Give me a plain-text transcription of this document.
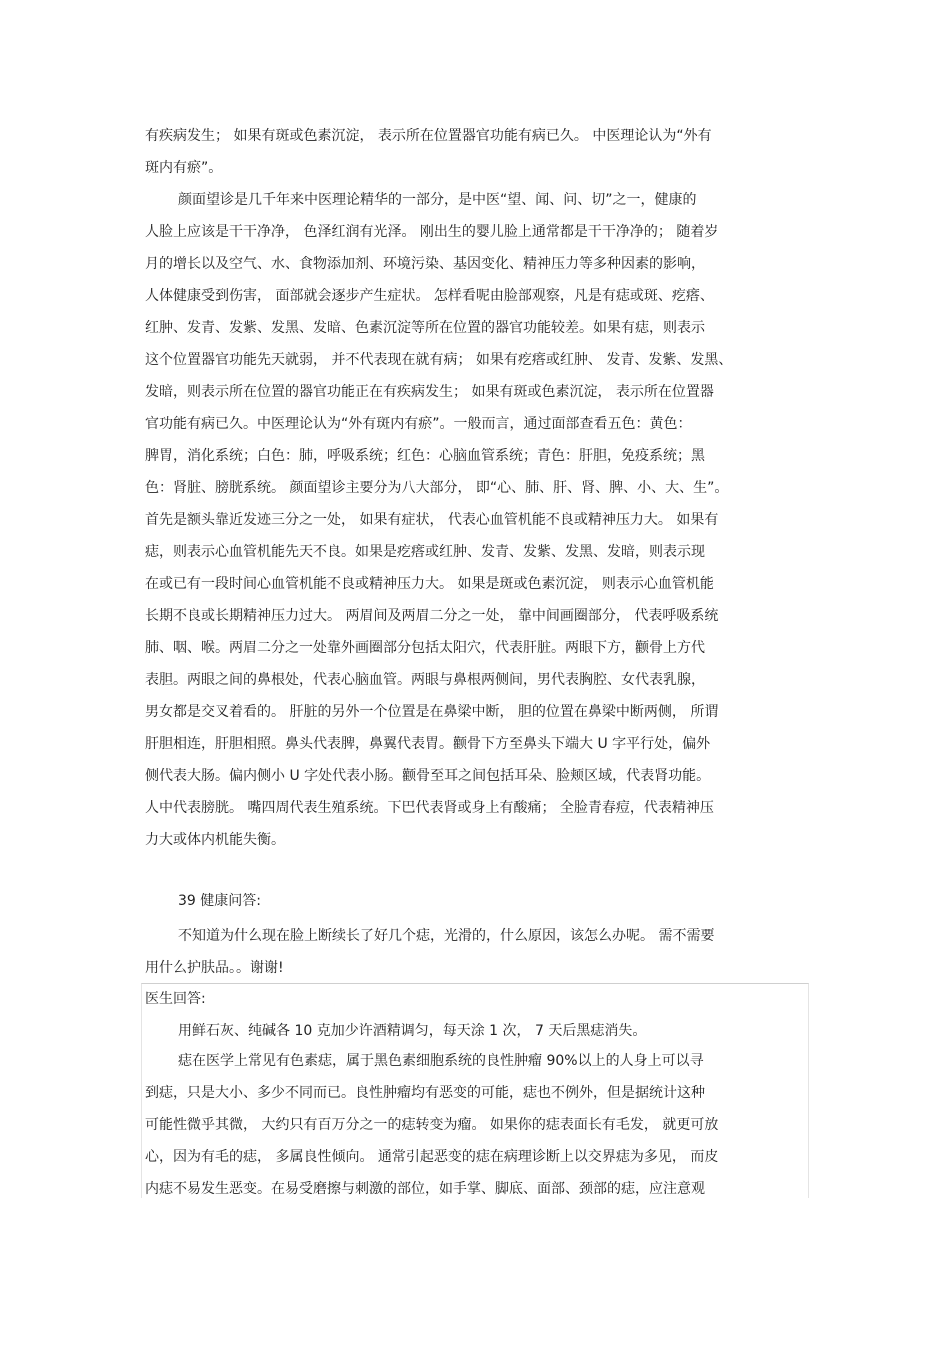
有疾病发生； 如果有斑或色素沉淀， 表示所在位置器官功能有病已久。 中医理论认为“外有
斑内有瘀”。
颜面望诊是几千年来中医理论精华的一部分，是中医“望、闻、问、切”之一，健康的
人脸上应该是干干净净， 色泽红润有光泽。 刚出生的婴儿脸上通常都是干干净净的； 随着岁
月的增长以及空气、水、食物添加剂、环境污染、基因变化、精神压力等多种因素的影响，
人体健康受到伤害， 面部就会逐步产生症状。 怎样看呢由脸部观察，凡是有痣或斑、疙瘩、
红肿、发青、发紫、发黑、发暗、色素沉淀等所在位置的器官功能较差。如果有痣，则表示
这个位置器官功能先天就弱， 并不代表现在就有病； 如果有疙瘩或红肿、 发青、发紫、发黑、
发暗，则表示所在位置的器官功能正在有疾病发生； 如果有斑或色素沉淀， 表示所在位置器
官功能有病已久。中医理论认为“外有斑内有瘀”。一般而言，通过面部查看五色：黄色：
脾胃，消化系统；白色：肺，呼吸系统；红色：心脑血管系统；青色：肝胆，免疫系统；黑
色：肾脏、膀胱系统。 颜面望诊主要分为八大部分， 即“心、肺、肝、肾、脾、小、大、生”。
首先是额头靠近发迹三分之一处， 如果有症状， 代表心血管机能不良或精神压力大。 如果有
痣，则表示心血管机能先天不良。如果是疙瘩或红肿、发青、发紫、发黑、发暗，则表示现
在或已有一段时间心血管机能不良或精神压力大。 如果是斑或色素沉淀， 则表示心血管机能
长期不良或长期精神压力过大。 两眉间及两眉二分之一处， 靠中间画圈部分， 代表呼吸系统
肺、咽、喉。两眉二分之一处靠外画圈部分包括太阳穴，代表肝脏。两眼下方，颧骨上方代
表胆。两眼之间的鼻根处，代表心脑血管。两眼与鼻根两侧间，男代表胸腔、女代表乳腺，
男女都是交叉着看的。 肝脏的另外一个位置是在鼻梁中断， 胆的位置在鼻梁中断两侧， 所谓
肝胆相连，肝胆相照。鼻头代表脾，鼻翼代表胃。颧骨下方至鼻头下端大 U 字平行处，偏外
侧代表大肠。偏内侧小 U 字处代表小肠。颧骨至耳之间包括耳朵、脸颊区域，代表肾功能。
人中代表膀胱。 嘴四周代表生殖系统。下巴代表肾或身上有酸痛； 全脸青春痘，代表精神压
力大或体内机能失衡。
39 健康问答:
不知道为什么现在脸上断续长了好几个痣，光滑的，什么原因，该怎么办呢。 需不需要
用什么护肤品。。谢谢!
医生回答:
用鲜石灰、纯碱各 10 克加少许酒精调匀，每天涂 1 次， 7 天后黑痣消失。
痣在医学上常见有色素痣，属于黑色素细胞系统的良性肿瘤 90%以上的人身上可以寻
到痣，只是大小、多少不同而已。良性肿瘤均有恶变的可能，痣也不例外，但是据统计这种
可能性微乎其微， 大约只有百万分之一的痣转变为瘤。 如果你的痣表面长有毛发， 就更可放
心，因为有毛的痣， 多属良性倾向。 通常引起恶变的痣在病理诊断上以交界痣为多见， 而皮
内痣不易发生恶变。在易受磨擦与刺激的部位，如手掌、脚底、面部、颈部的痣，应注意观
